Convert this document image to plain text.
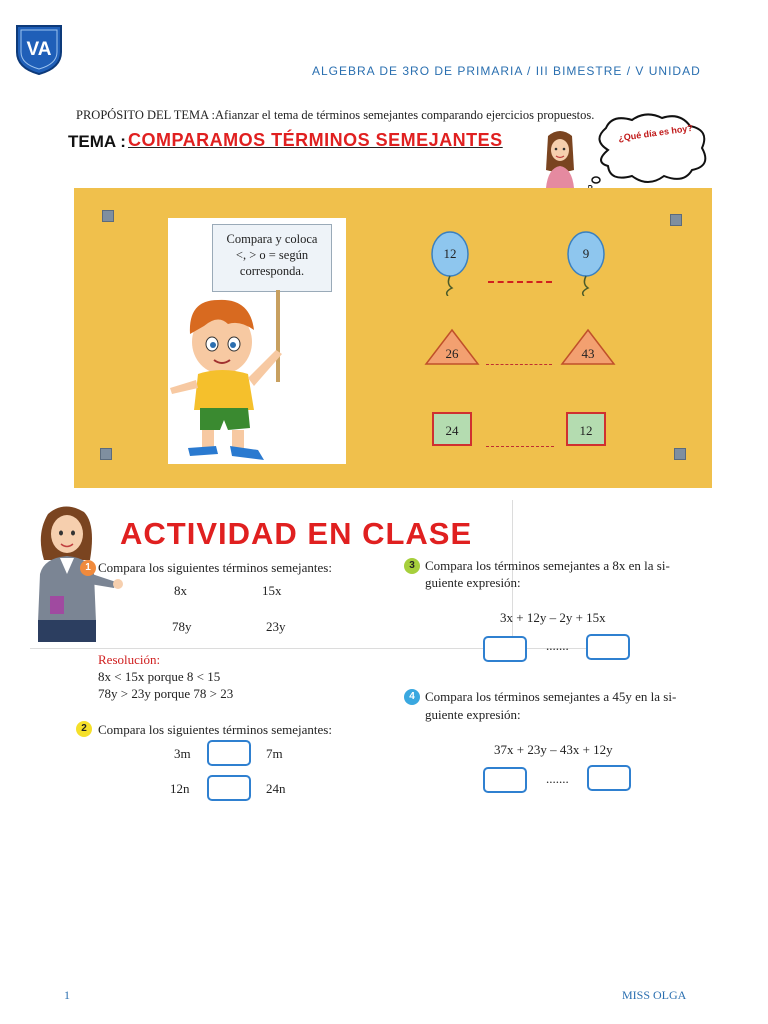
VA
ALGEBRA DE 3RO DE PRIMARIA / III BIMESTRE / V UNIDAD
PROPÓSITO DEL TEMA :Afianzar el tema de términos semejantes comparando ejercicios propuestos.
TEMA : COMPARAMOS TÉRMINOS SEMEJANTES	¿Qué día es hoy?
Compara y coloca
<, > o = según
corresponda.
12	9
26	43
24	12
ACTIVIDAD EN CLASE
1 Compara los siguientes términos semejantes:
8x	15x
78y	23y
Resolución:
8x < 15x porque 8 < 15
78y > 23y porque 78 > 23
2 Compara los siguientes términos semejantes:
3m	7m
12n	24n
3 Compara los términos semejantes a 8x en la si-
guiente expresión:
3x + 12y – 2y + 15x
.......
4 Compara los términos semejantes a 45y en la si-
guiente expresión:
37x + 23y – 43x + 12y
.......
1	MISS OLGA
